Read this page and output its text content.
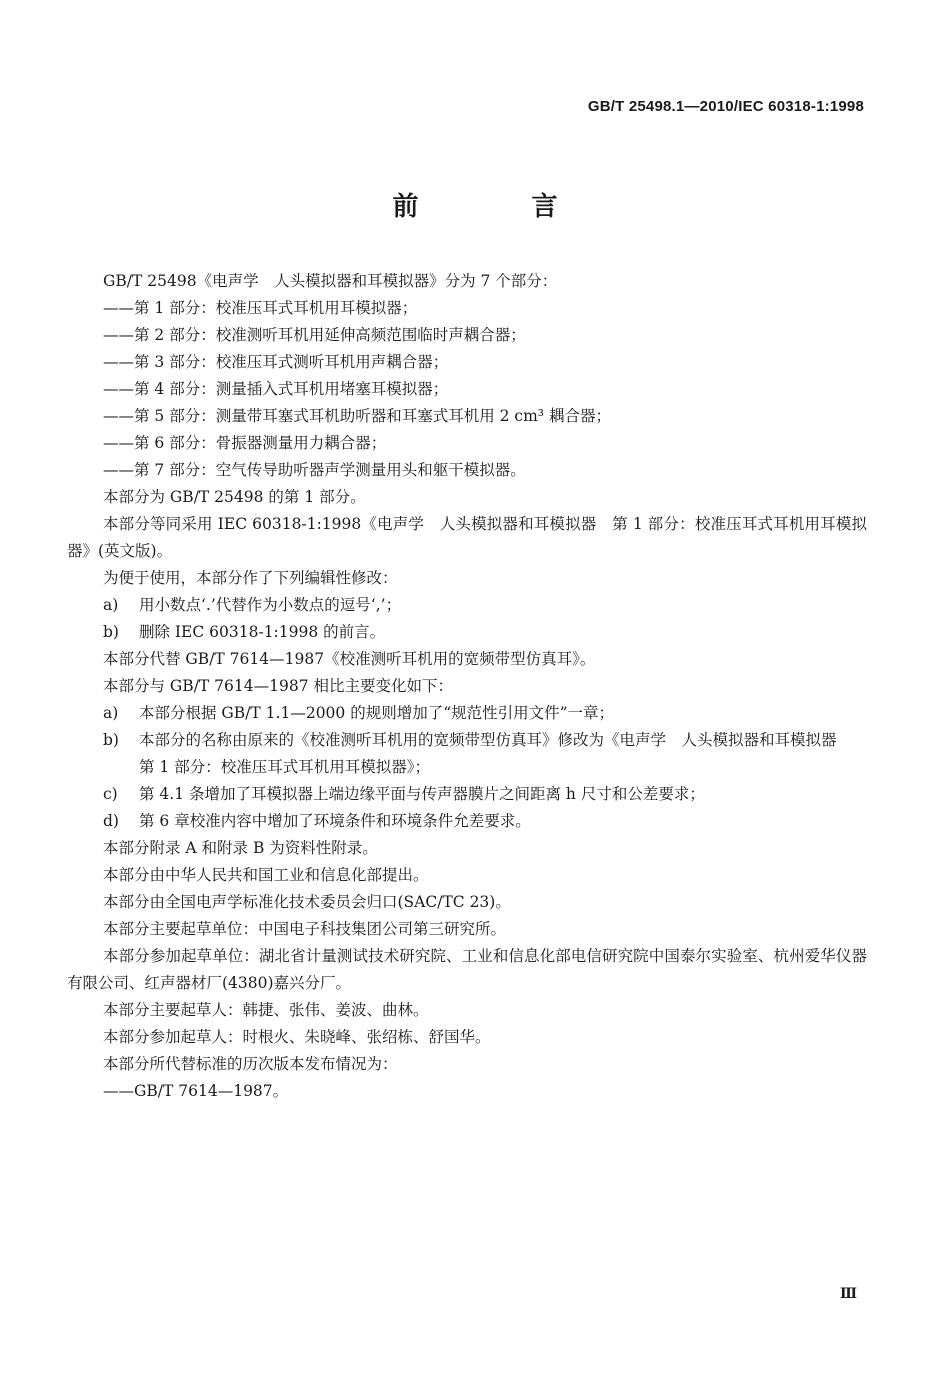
GB/T 25498.1—2010/IEC 60318-1:1998
前 言

GB/T 25498《电声学　人头模拟器和耳模拟器》分为 7 个部分：

——第 1 部分：校准压耳式耳机用耳模拟器；

——第 2 部分：校准测听耳机用延伸高频范围临时声耦合器；

——第 3 部分：校准压耳式测听耳机用声耦合器；

——第 4 部分：测量插入式耳机用堵塞耳模拟器；

——第 5 部分：测量带耳塞式耳机助听器和耳塞式耳机用 2 cm³ 耦合器；

——第 6 部分：骨振器测量用力耦合器；

——第 7 部分：空气传导助听器声学测量用头和躯干模拟器。

本部分为 GB/T 25498 的第 1 部分。

本部分等同采用 IEC 60318-1:1998《电声学　人头模拟器和耳模拟器　第 1 部分：校准压耳式耳机用耳模拟器》(英文版)。

为便于使用，本部分作了下列编辑性修改：

a)	用小数点‘.’代替作为小数点的逗号‘,’；
b)	删除 IEC 60318-1:1998 的前言。

本部分代替 GB/T 7614—1987《校准测听耳机用的宽频带型仿真耳》。

本部分与 GB/T 7614—1987 相比主要变化如下：

a)	本部分根据 GB/T 1.1—2000 的规则增加了“规范性引用文件”一章；
b)	本部分的名称由原来的《校准测听耳机用的宽频带型仿真耳》修改为《电声学　人头模拟器和耳模拟器　第 1 部分：校准压耳式耳机用耳模拟器》；
c)	第 4.1 条增加了耳模拟器上端边缘平面与传声器膜片之间距离 h 尺寸和公差要求；
d)	第 6 章校准内容中增加了环境条件和环境条件允差要求。

本部分附录 A 和附录 B 为资料性附录。

本部分由中华人民共和国工业和信息化部提出。

本部分由全国电声学标准化技术委员会归口(SAC/TC 23)。

本部分主要起草单位：中国电子科技集团公司第三研究所。

本部分参加起草单位：湖北省计量测试技术研究院、工业和信息化部电信研究院中国泰尔实验室、杭州爱华仪器有限公司、红声器材厂(4380)嘉兴分厂。

本部分主要起草人：韩捷、张伟、姜波、曲林。

本部分参加起草人：时根火、朱晓峰、张绍栋、舒国华。

本部分所代替标准的历次版本发布情况为：

——GB/T 7614—1987。

Ⅲ
